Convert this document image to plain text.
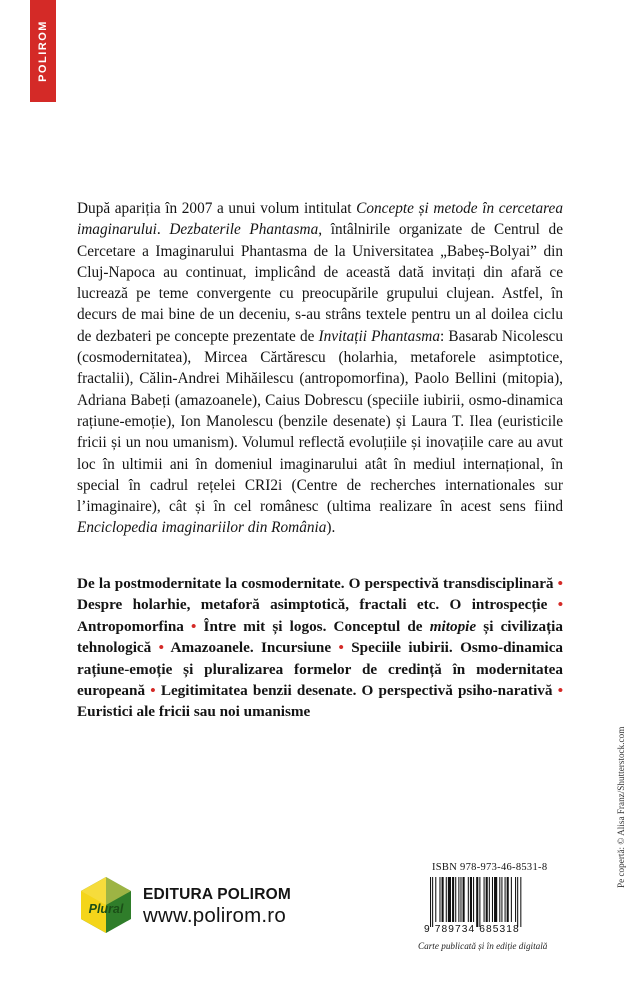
POLIROM

După apariția în 2007 a unui volum intitulat Concepte și metode în cercetarea imaginarului. Dezbaterile Phantasma, întâlnirile organizate de Centrul de Cercetare a Imaginarului Phantasma de la Universitatea „Babeș-Bolyai” din Cluj-Napoca au continuat, implicând de această dată invitați din afară ce lucrează pe teme convergente cu preocupările grupului clujean. Astfel, în decurs de mai bine de un deceniu, s-au strâns textele pentru un al doilea ciclu de dezbateri pe concepte prezentate de Invitații Phantasma: Basarab Nicolescu (cosmodernitatea), Mircea Cărtărescu (holarhia, metaforele asimptotice, fractalii), Călin-Andrei Mihăilescu (antropomorfina), Paolo Bellini (mitopia), Adriana Babeți (amazoanele), Caius Dobrescu (speciile iubirii, osmo-dinamica rațiune-emoție), Ion Manolescu (benzile desenate) și Laura T. Ilea (euristicile fricii și un nou umanism). Volumul reflectă evoluțiile și inovațiile care au avut loc în ultimii ani în domeniul imaginarului atât în mediul internațional, în special în cadrul rețelei CRI2i (Centre de recherches internationales sur l’imaginaire), cât și în cel românesc (ultima realizare în acest sens fiind Enciclopedia imaginariilor din România).

De la postmodernitate la cosmodernitate. O perspectivă transdisciplinară • Despre holarhie, metaforă asimptotică, fractali etc. O introspecție • Antropomorfina • Între mit și logos. Conceptul de mitopie și civilizația tehnologică • Amazoanele. Incursiune • Speciile iubirii. Osmo-dinamica rațiune-emoție și pluralizarea formelor de credință în modernitatea europeană • Legitimitatea benzii desenate. O perspectivă psiho-narativă • Euristici ale fricii sau noi umanisme

Pe copertă: © Alisa Franz/Shutterstock.com
Plural
EDITURA POLIROM
www.polirom.ro
ISBN 978-973-46-8531-8
9 789734 685318
Carte publicată și în ediție digitală
